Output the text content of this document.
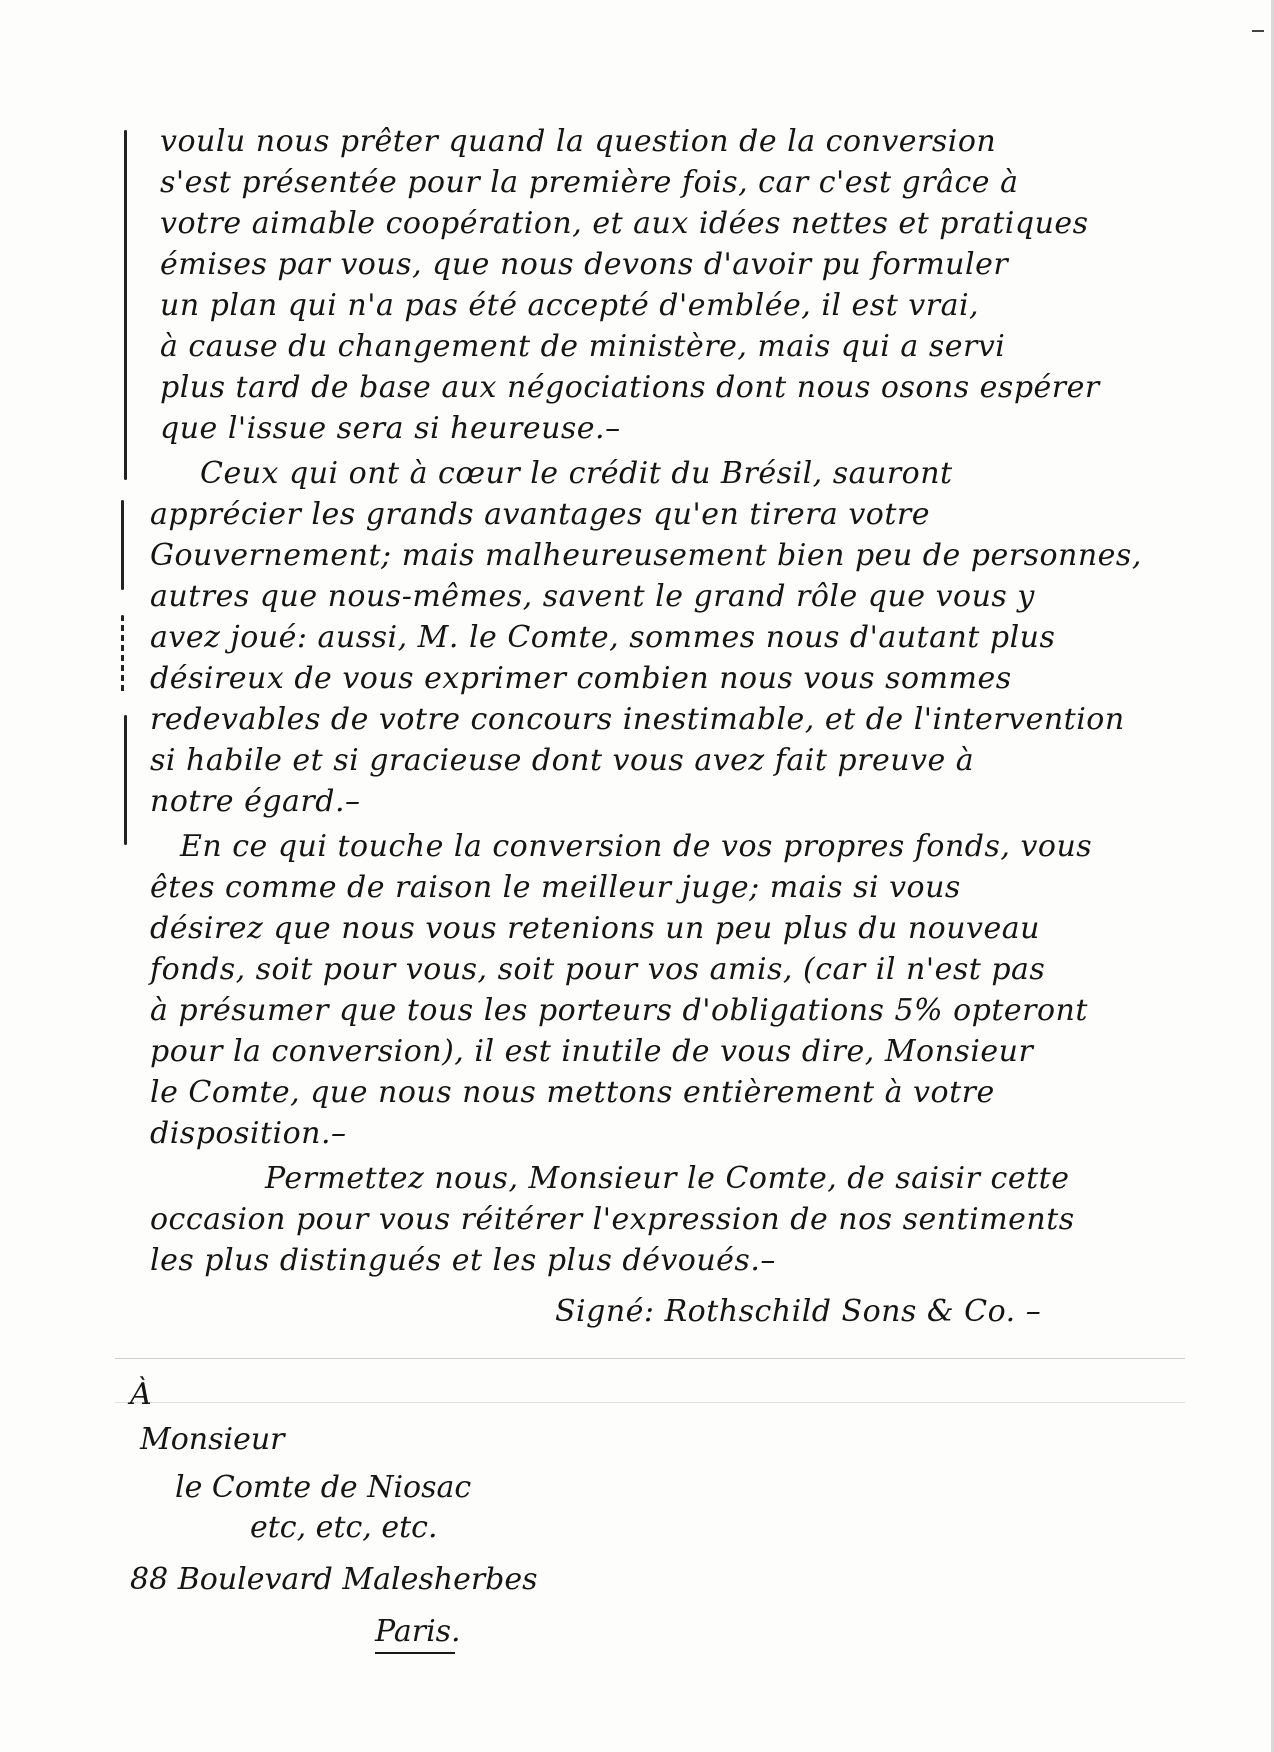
voulu nous prêter quand la question de la conversion
s'est présentée pour la première fois, car c'est grâce à
votre aimable coopération, et aux idées nettes et pratiques
émises par vous, que nous devons d'avoir pu formuler
un plan qui n'a pas été accepté d'emblée, il est vrai,
à cause du changement de ministère, mais qui a servi
plus tard de base aux négociations dont nous osons espérer
que l'issue sera si heureuse.–
Ceux qui ont à cœur le crédit du Brésil, sauront
apprécier les grands avantages qu'en tirera votre
Gouvernement; mais malheureusement bien peu de personnes,
autres que nous-mêmes, savent le grand rôle que vous y
avez joué: aussi, M. le Comte, sommes nous d'autant plus
désireux de vous exprimer combien nous vous sommes
redevables de votre concours inestimable, et de l'intervention
si habile et si gracieuse dont vous avez fait preuve à
notre égard.–
En ce qui touche la conversion de vos propres fonds, vous
êtes comme de raison le meilleur juge; mais si vous
désirez que nous vous retenions un peu plus du nouveau
fonds, soit pour vous, soit pour vos amis, (car il n'est pas
à présumer que tous les porteurs d'obligations 5% opteront
pour la conversion), il est inutile de vous dire, Monsieur
le Comte, que nous nous mettons entièrement à votre
disposition.–
Permettez nous, Monsieur le Comte, de saisir cette
occasion pour vous réitérer l'expression de nos sentiments
les plus distingués et les plus dévoués.–
Signé: Rothschild Sons & Co. –
À
Monsieur
le Comte de Niosac
etc, etc, etc.
88 Boulevard Malesherbes
Paris.
